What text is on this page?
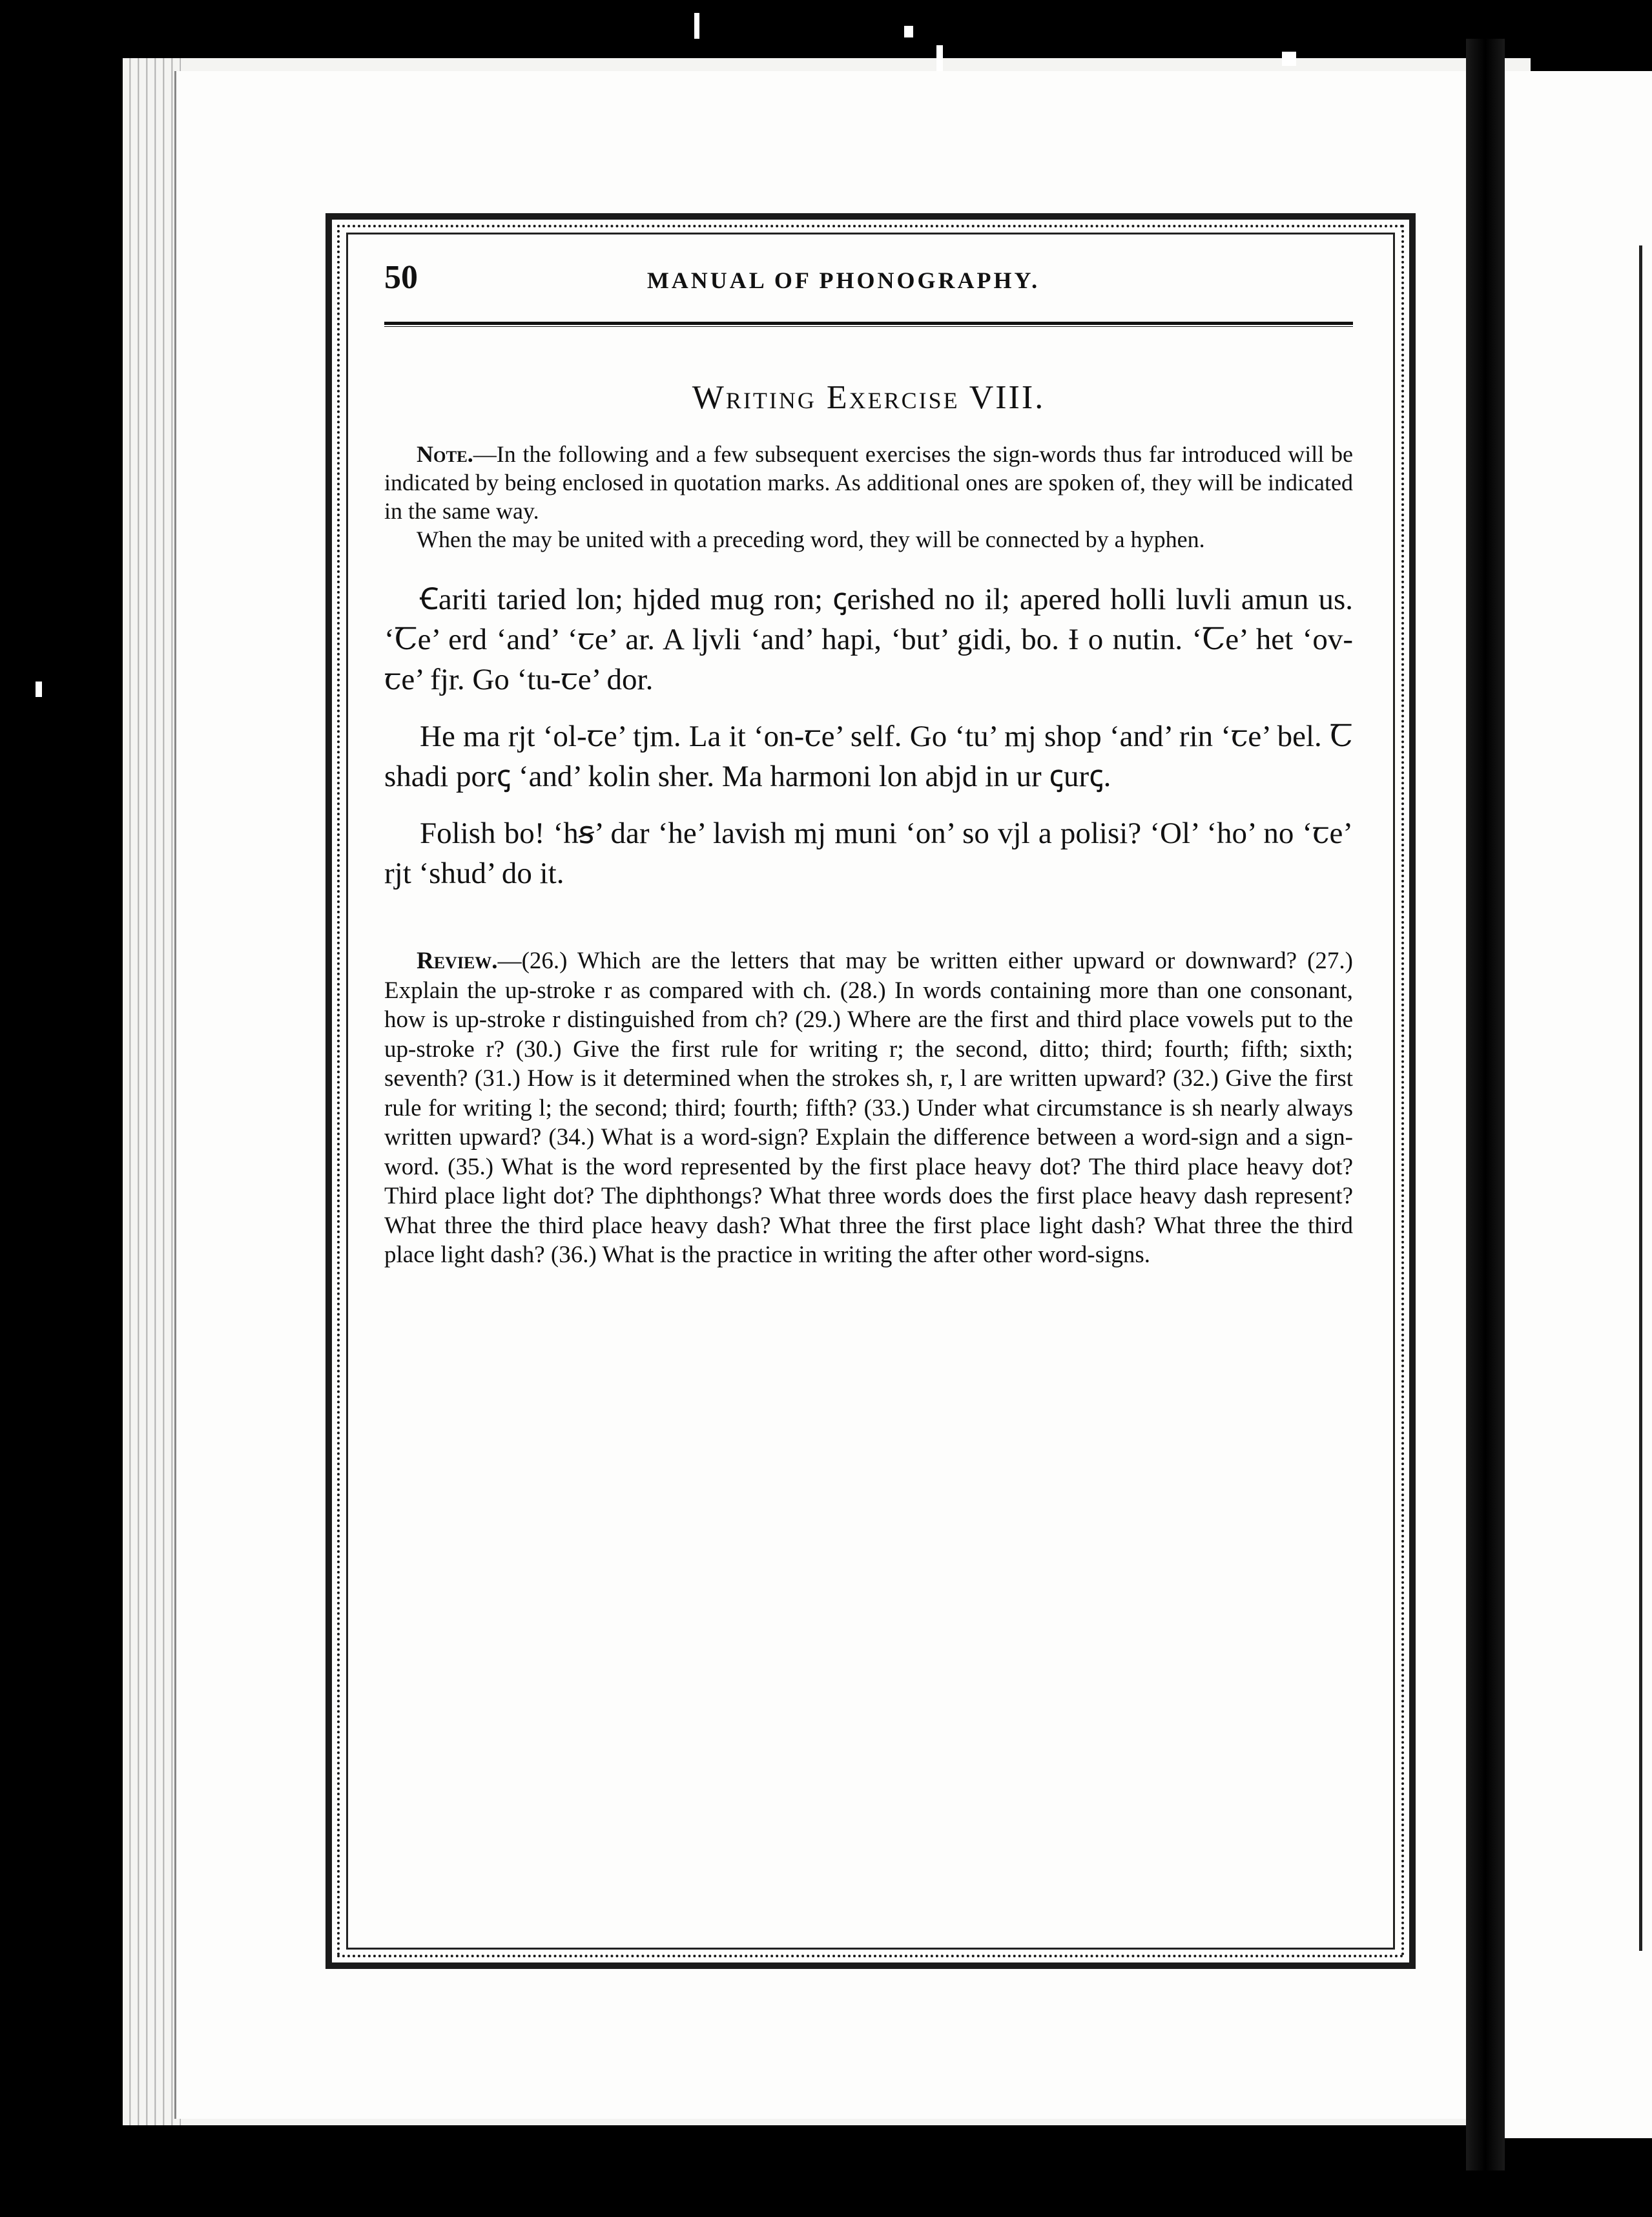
50	MANUAL OF PHONOGRAPHY.
Writing Exercise VIII.

Note.—In the following and a few subsequent exercises the sign-words thus far introduced will be indicated by being enclosed in quotation marks. As additional ones are spoken of, they will be indicated in the same way.

When the may be united with a preceding word, they will be connected by a hyphen.

Ꞓariti taried lon; hjded mug ron; ꞔerished no il; apered holli luvli amun us. ‘Ꞇe’ erd ‘and’ ‘ꞇe’ ar. A ljvli ‘and’ hapi, ‘but’ gidi, bo. Ɨ o nutin. ‘Ꞇe’ het ‘ov-ꞇe’ fjr. Go ‘tu-ꞇe’ dor.

He ma rjt ‘ol-ꞇe’ tjm. La it ‘on-ꞇe’ self. Go ‘tu’ mj shop ‘and’ rin ‘ꞇe’ bel. Ꞇ shadi porꞔ ‘and’ kolin sher. Ma harmoni lon abjd in ur ꞔurꞔ.

Folish bo! ‘hꞩ’ dar ‘he’ lavish mj muni ‘on’ so vjl a polisi? ‘Ol’ ‘ho’ no ‘ꞇe’ rjt ‘shud’ do it.

Review.—(26.) Which are the letters that may be written either upward or downward? (27.) Explain the up-stroke r as compared with ch. (28.) In words containing more than one consonant, how is up-stroke r distinguished from ch? (29.) Where are the first and third place vowels put to the up-stroke r? (30.) Give the first rule for writing r; the second, ditto; third; fourth; fifth; sixth; seventh? (31.) How is it determined when the strokes sh, r, l are written upward? (32.) Give the first rule for writing l; the second; third; fourth; fifth? (33.) Under what circumstance is sh nearly always written upward? (34.) What is a word-sign? Explain the difference between a word-sign and a sign-word. (35.) What is the word represented by the first place heavy dot? The third place heavy dot? Third place light dot? The diphthongs? What three words does the first place heavy dash represent? What three the third place heavy dash? What three the first place light dash? What three the third place light dash? (36.) What is the practice in writing the after other word-signs.
